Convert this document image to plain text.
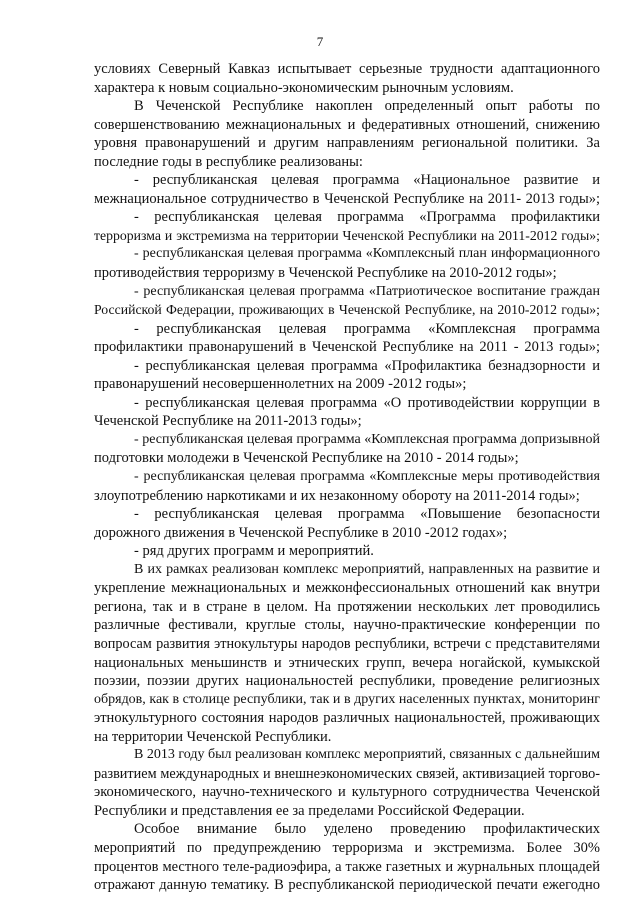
7
условиях Северный Кавказ испытывает серьезные трудности адаптационного
характера к новым социально-экономическим рыночным условиям.
В Чеченской Республике накоплен определенный опыт работы по
совершенствованию межнациональных и федеративных отношений, снижению
уровня правонарушений и другим направлениям региональной политики. За
последние годы в республике реализованы:
- республиканская целевая программа «Национальное развитие и
межнациональное сотрудничество в Чеченской Республике на 2011- 2013 годы»;
- республиканская целевая программа «Программа профилактики
терроризма и экстремизма на территории Чеченской Республики на 2011-2012 годы»;
- республиканская целевая программа «Комплексный план информационного
противодействия терроризму в Чеченской Республике на 2010-2012 годы»;
- республиканская целевая программа «Патриотическое воспитание граждан
Российской Федерации, проживающих в Чеченской Республике, на 2010-2012 годы»;
- республиканская целевая программа «Комплексная программа
профилактики правонарушений в Чеченской Республике на 2011 - 2013 годы»;
- республиканская целевая программа «Профилактика безнадзорности и
правонарушений несовершеннолетних на 2009 -2012 годы»;
- республиканская целевая программа «О противодействии коррупции в
Чеченской Республике на 2011-2013 годы»;
- республиканская целевая программа «Комплексная программа допризывной
подготовки молодежи в Чеченской Республике на 2010 - 2014 годы»;
- республиканская целевая программа «Комплексные меры противодействия
злоупотреблению наркотиками и их незаконному обороту на 2011-2014 годы»;
- республиканская целевая программа «Повышение безопасности
дорожного движения в Чеченской Республике в 2010 -2012 годах»;
- ряд других программ и мероприятий.
В их рамках реализован комплекс мероприятий, направленных на развитие и
укрепление межнациональных и межконфессиональных отношений как внутри
региона, так и в стране в целом. На протяжении нескольких лет проводились
различные фестивали, круглые столы, научно-практические конференции по
вопросам развития этнокультуры народов республики, встречи с представителями
национальных меньшинств и этнических групп, вечера ногайской, кумыкской
поэзии, поэзии других национальностей республики, проведение религиозных
обрядов, как в столице республики, так и в других населенных пунктах, мониторинг
этнокультурного состояния народов различных национальностей, проживающих
на территории Чеченской Республики.
В 2013 году был реализован комплекс мероприятий, связанных с дальнейшим
развитием международных и внешнеэкономических связей, активизацией торгово-
экономического, научно-технического и культурного сотрудничества Чеченской
Республики и представления ее за пределами Российской Федерации.
Особое внимание было уделено проведению профилактических
мероприятий по предупреждению терроризма и экстремизма. Более 30%
процентов местного теле-радиоэфира, а также газетных и журнальных площадей
отражают данную тематику. В республиканской периодической печати ежегодно
